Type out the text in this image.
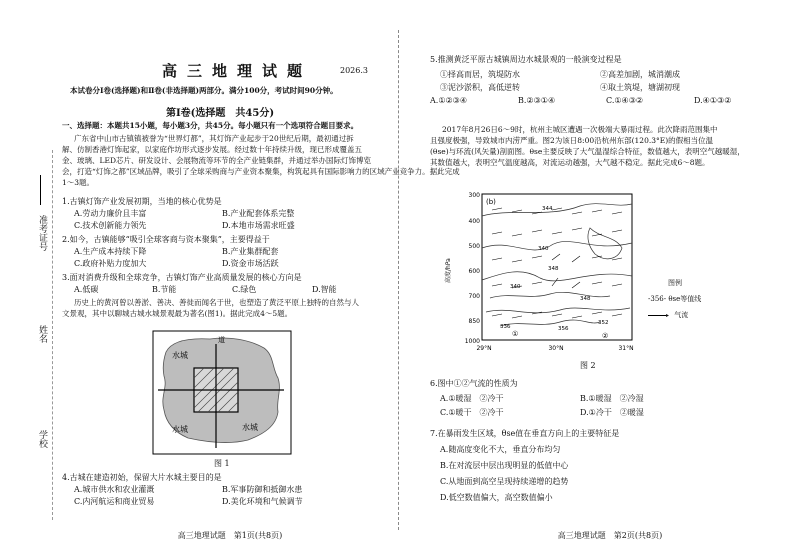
准考证号
姓名
学校
高三地理试题	2026.3
本试卷分Ⅰ卷(选择题)和Ⅱ卷(非选择题)两部分。满分100分，考试时间90分钟。
第Ⅰ卷(选择题　共45分)
一、选择题：本题共15小题，每小题3分，共45分。每小题只有一个选项符合题目要求。
广东省中山市古镇镇被誉为“世界灯都”，其灯饰产业起步于20世纪后期，最初通过拆
解、仿制香港灯饰起家，以家庭作坊形式逐步发展。经过数十年持续升级，现已形成覆盖五
金、玻璃、LED芯片、研发设计、会展物流等环节的全产业链集群，并通过举办国际灯饰博览
会，打造“灯饰之都”区域品牌，吸引了全球采购商与产业资本聚集，构筑起具有国际影响力的区域产业竞争力。据此完成
1～3题。
1.古镇灯饰产业发展初期，当地的核心优势是
A.劳动力廉价且丰富	B.产业配套体系完整
C.技术创新能力领先	D.本地市场需求旺盛
2.如今，古镇能够“吸引全球客商与资本聚集”，主要得益于
A.生产成本持续下降	B.产业集群配套
C.政府补贴力度加大	D.资金市场活跃
3.面对消费升级和全球竞争，古镇灯饰产业高质量发展的核心方向是
A.低碳	B.节能	C.绿色	D.智能
历史上的黄河曾以善淤、善决、善徙而闻名于世，也塑造了黄泛平原上独特的自然与人
文景观，其中以聊城古城水城景观最为著名(图1)。据此完成4～5题。
水城
水城	水城
道
图 1
4.古城在建造初始，保留大片水城主要目的是
A.城市供水和农业灌溉	B.军事防御和抵御水患
C.内河航运和商业贸易	D.美化环境和气候调节
高三地理试题　第1页(共8页)
5.推测黄泛平原古城镇周边水城景观的一般演变过程是
①择高而居，筑堤防水	②高差加剧，城消潮成
③泥沙淤积，高低逆转	④取土筑堤，塘湖初现
A.①②③④	B.②③①④	C.①④③②	D.④①③②
2017年8月26日6～9时，杭州主城区遭遇一次极端大暴雨过程。此次降雨范围集中
且强度极强，导致城市内涝严重。图2为该日8:00沿杭州东部(120.3°E)的假相当位温
(θse)与环流(风矢量)剖面图。θse主要反映了大气温湿综合特征，数值越大，表明空气越暖湿，
其数值越大，表明空气温度越高，对流运动越强，大气越不稳定。据此完成6～8题。
(b)
高度/hPa
300
400
500
600
700
850
1000
29°N	30°N	31°N
344
340
348
356
352
348
336
340
①	②
图例
-356- θse等值线
▸ 气流
图 2
6.图中①②气流的性质为
A.①暖湿　②冷干	B.①暖湿　②冷湿
C.①暖干　②冷干	D.①冷干　②暖湿
7.在暴雨发生区域，θse值在垂直方向上的主要特征是
A.随高度变化不大，垂直分布均匀
B.在对流层中层出现明显的低值中心
C.从地面到高空呈现持续递增的趋势
D.低空数值偏大，高空数值偏小
高三地理试题　第2页(共8页)
